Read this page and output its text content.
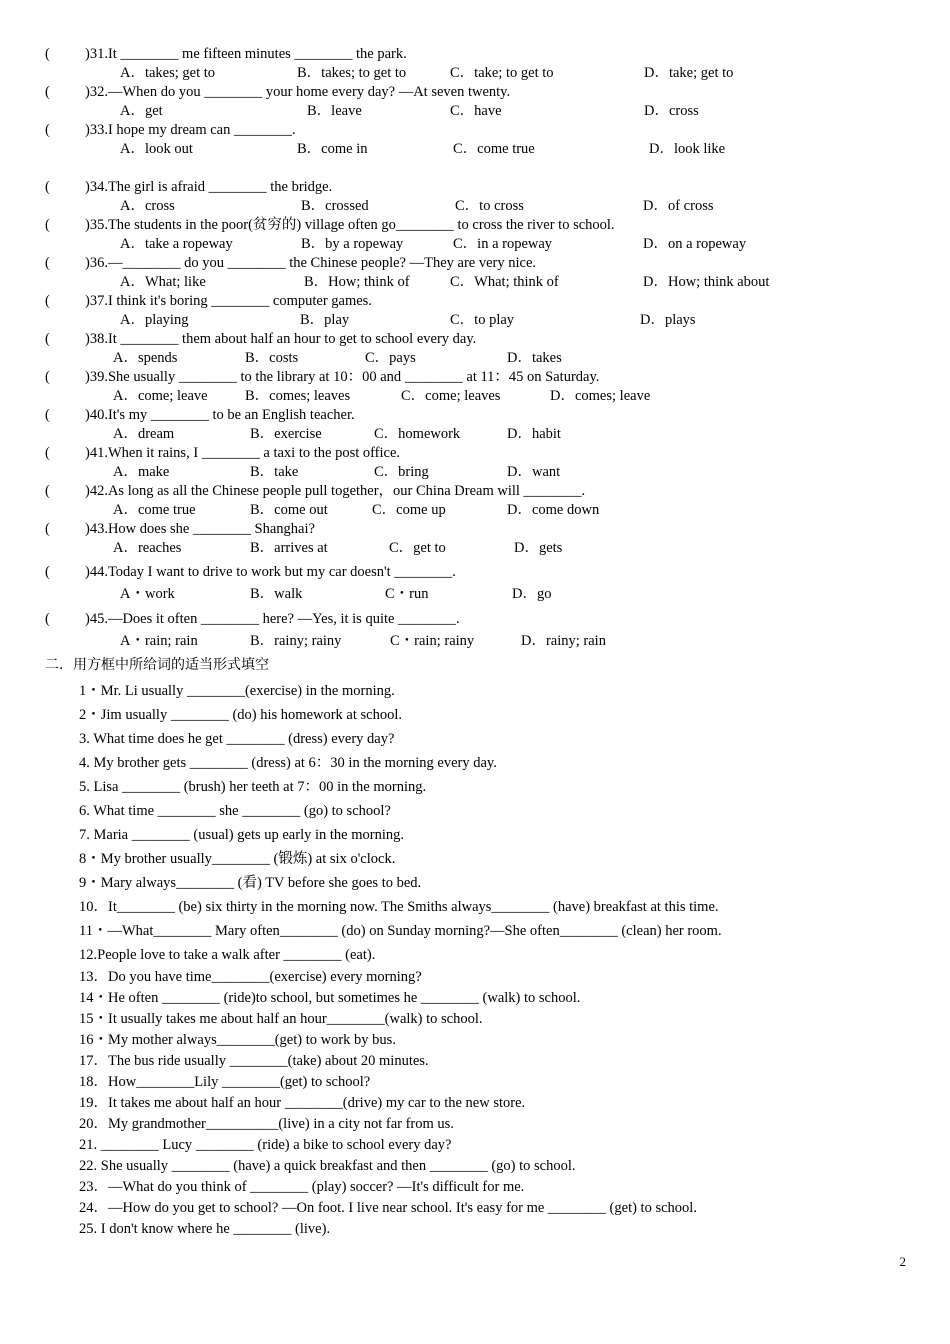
( )31.It ________ me fifteen minutes ________ the park.
A．takes; get to	B．takes; to get to	C．take; to get to	D．take; get to
( )32.—When do you ________ your home every day? —At seven twenty.
A．get	B．leave	C．have	D．cross
( )33.I hope my dream can ________.
A．look out	B．come in	C．come true	D．look like
( )34.The girl is afraid ________ the bridge.
A．cross	B．crossed	C．to cross	D．of cross
( )35.The students in the poor(贫穷的) village often go________ to cross the river to school.
A．take a ropeway	B．by a ropeway	C．in a ropeway	D．on a ropeway
( )36.—________ do you ________ the Chinese people? —They are very nice.
A．What; like	B．How; think of	C．What; think of	D．How; think about
( )37.I think it's boring ________ computer games.
A．playing	B．play	C．to play	D．plays
( )38.It ________ them about half an hour to get to school every day.
A．spends	B．costs	C．pays	D．takes
( )39.She usually ________ to the library at 10：00 and ________ at 11：45 on Saturday.
A．come; leave	B．comes; leaves	C．come; leaves	D．comes; leave
( )40.It's my ________ to be an English teacher.
A．dream	B．exercise	C．homework	D．habit
( )41.When it rains, I ________ a taxi to the post office.
A．make	B．take	C．bring	D．want
( )42.As long as all the Chinese people pull together，our China Dream will ________.
A．come true	B．come out	C．come up	D．come down
( )43.How does she ________ Shanghai?
A．reaches	B．arrives at	C．get to	D．gets
( )44.Today I want to drive to work but my car doesn't ________.
A・work	B．walk	C・run	D．go
( )45.—Does it often ________ here? —Yes, it is quite ________.
A・rain; rain	B．rainy; rainy	C・rain; rainy	D．rainy; rain
二．用方框中所给词的适当形式填空
1・Mr. Li usually ________(exercise) in the morning.
2・Jim usually ________ (do) his homework at school.
3. What time does he get ________ (dress) every day?
4. My brother gets ________ (dress) at 6：30 in the morning every day.
5. Lisa ________ (brush) her teeth at 7：00 in the morning.
6. What time ________ she ________ (go) to school?
7. Maria ________ (usual) gets up early in the morning.
8・My brother usually________ (锻炼) at six o'clock.
9・Mary always________ (看) TV before she goes to bed.
10．It________ (be) six thirty in the morning now. The Smiths always________ (have) breakfast at this time.
11・—What________ Mary often________ (do) on Sunday morning?—She often________ (clean) her room.
12.People love to take a walk after ________ (eat).
13．Do you have time________(exercise) every morning?
14・He often ________ (ride)to school, but sometimes he ________ (walk) to school.
15・It usually takes me about half an hour________(walk) to school.
16・My mother always________(get) to work by bus.
17．The bus ride usually ________(take) about 20 minutes.
18．How________Lily ________(get) to school?
19．It takes me about half an hour ________(drive) my car to the new store.
20．My grandmother__________(live) in a city not far from us.
21. ________ Lucy ________ (ride) a bike to school every day?
22. She usually ________ (have) a quick breakfast and then ________ (go) to school.
23．—What do you think of ________ (play) soccer? —It's difficult for me.
24．—How do you get to school? —On foot. I live near school. It's easy for me ________ (get) to school.
25. I don't know where he ________ (live).
2
